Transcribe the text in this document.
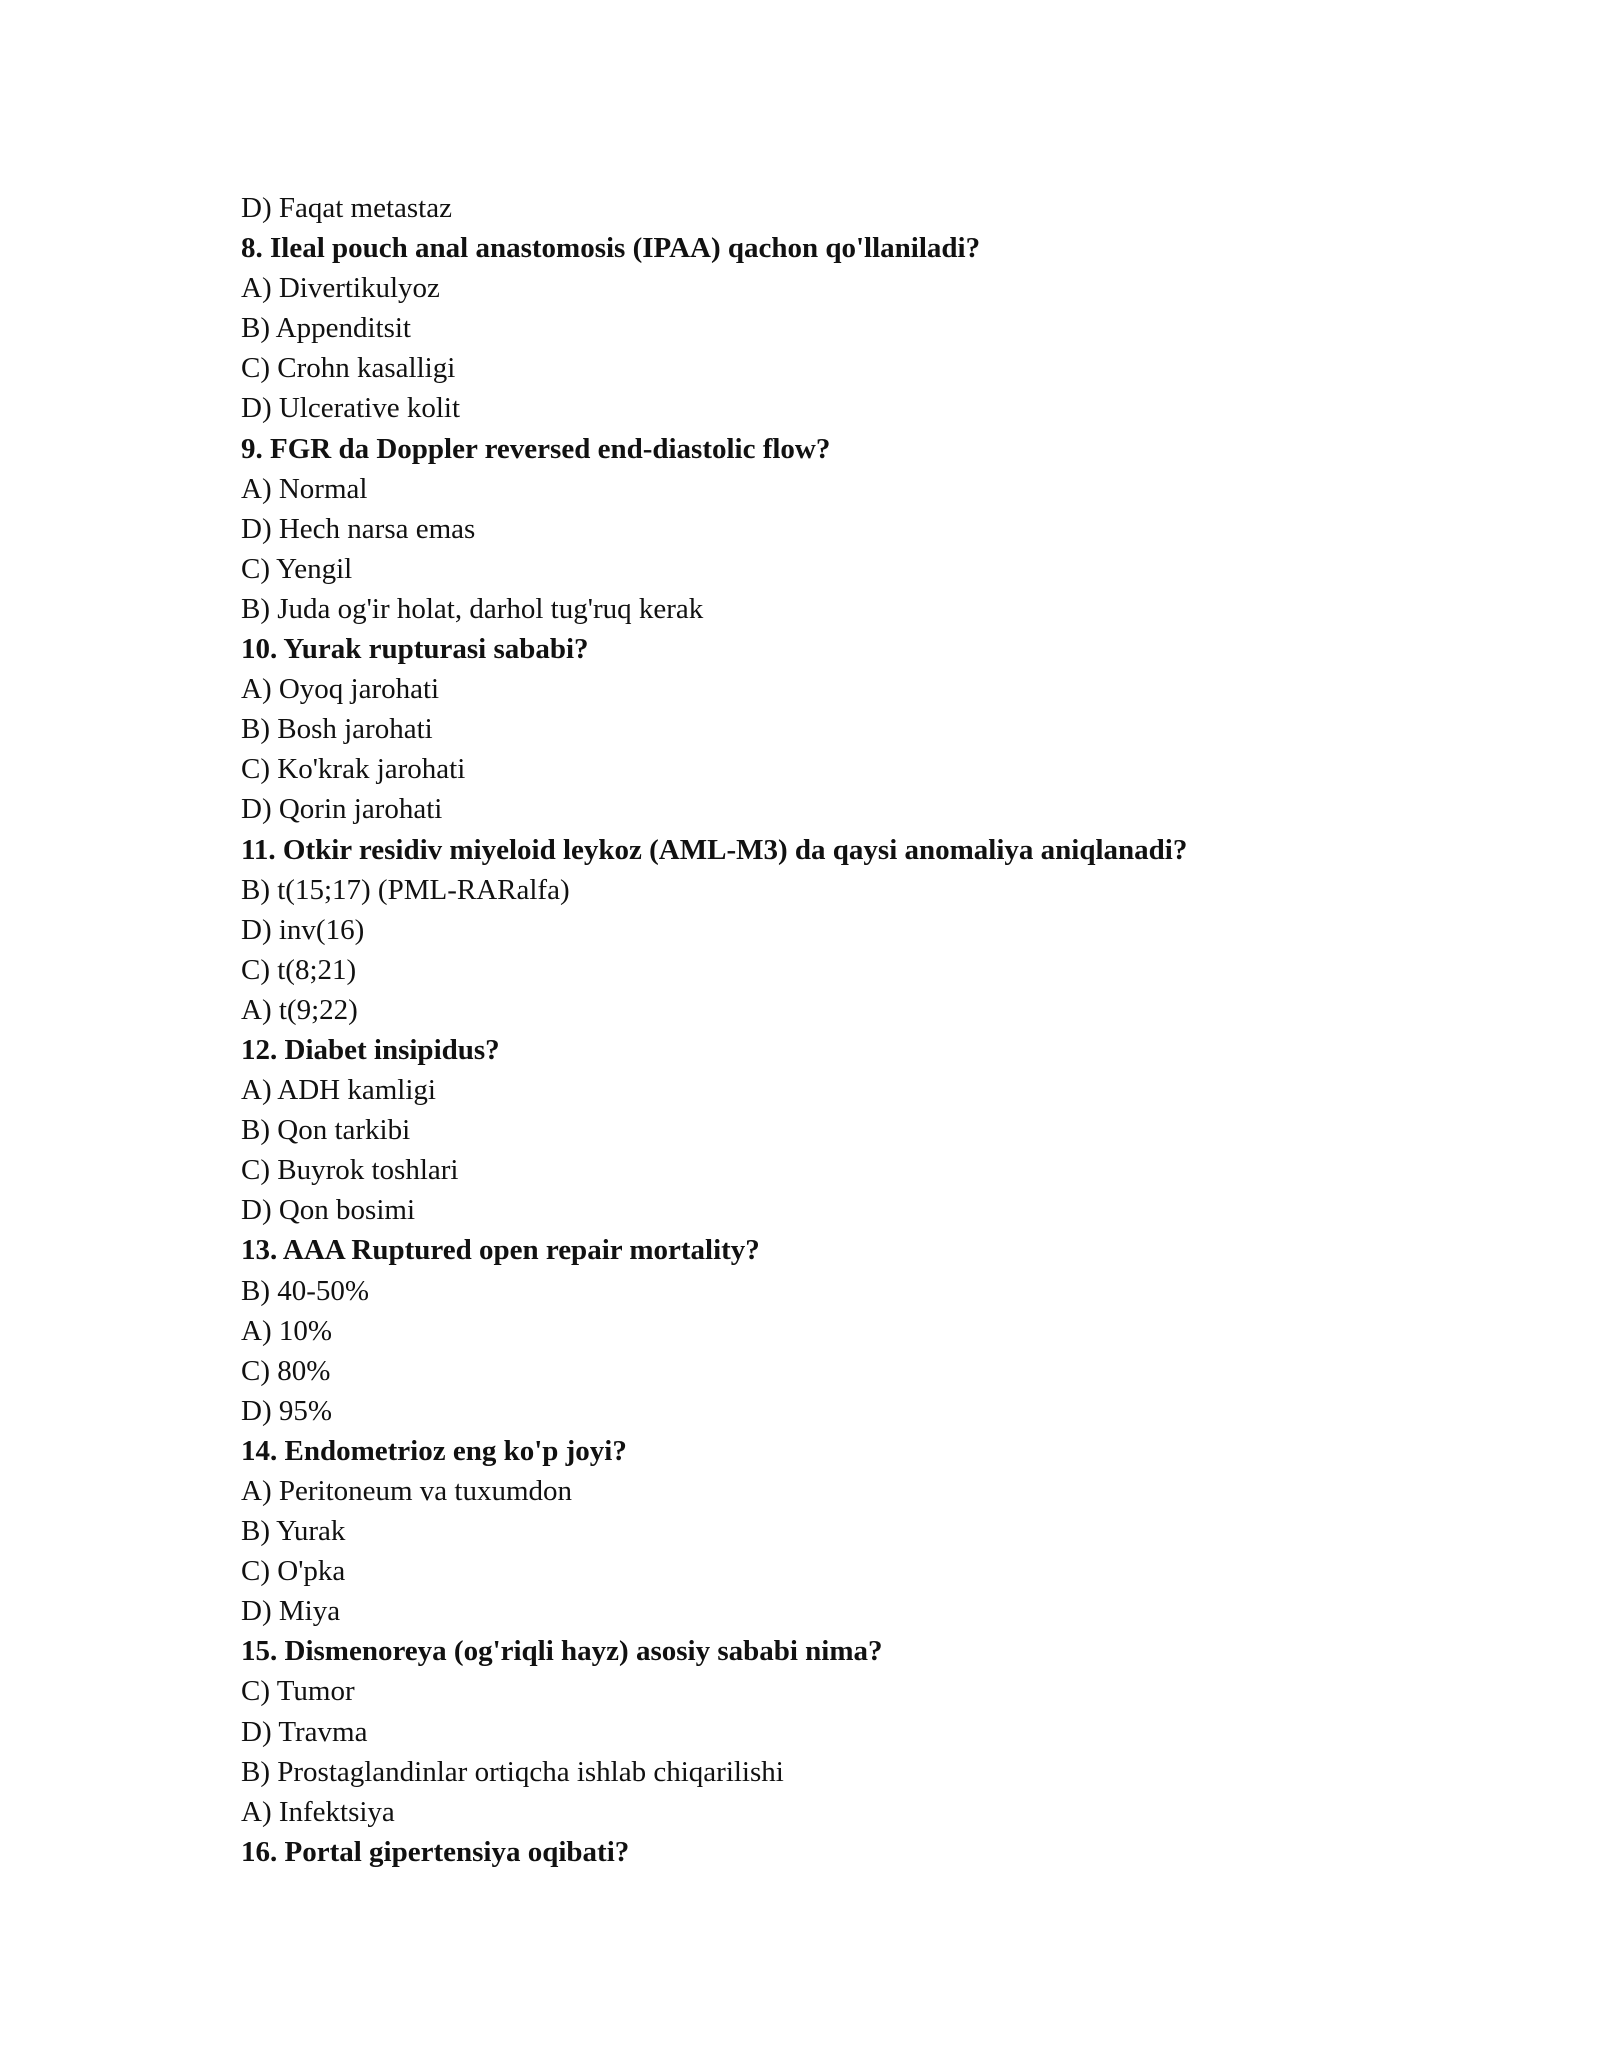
D) Faqat metastaz
8. Ileal pouch anal anastomosis (IPAA) qachon qo'llaniladi?
A) Divertikulyoz
B) Appenditsit
C) Crohn kasalligi
D) Ulcerative kolit
9. FGR da Doppler reversed end-diastolic flow?
A) Normal
D) Hech narsa emas
C) Yengil
B) Juda og'ir holat, darhol tug'ruq kerak
10. Yurak rupturasi sababi?
A) Oyoq jarohati
B) Bosh jarohati
C) Ko'krak jarohati
D) Qorin jarohati
11. Otkir residiv miyeloid leykoz (AML-M3) da qaysi anomaliya aniqlanadi?
B) t(15;17) (PML-RARalfa)
D) inv(16)
C) t(8;21)
A) t(9;22)
12. Diabet insipidus?
A) ADH kamligi
B) Qon tarkibi
C) Buyrok toshlari
D) Qon bosimi
13. AAA Ruptured open repair mortality?
B) 40-50%
A) 10%
C) 80%
D) 95%
14. Endometrioz eng ko'p joyi?
A) Peritoneum va tuxumdon
B) Yurak
C) O'pka
D) Miya
15. Dismenoreya (og'riqli hayz) asosiy sababi nima?
C) Tumor
D) Travma
B) Prostaglandinlar ortiqcha ishlab chiqarilishi
A) Infektsiya
16. Portal gipertensiya oqibati?
